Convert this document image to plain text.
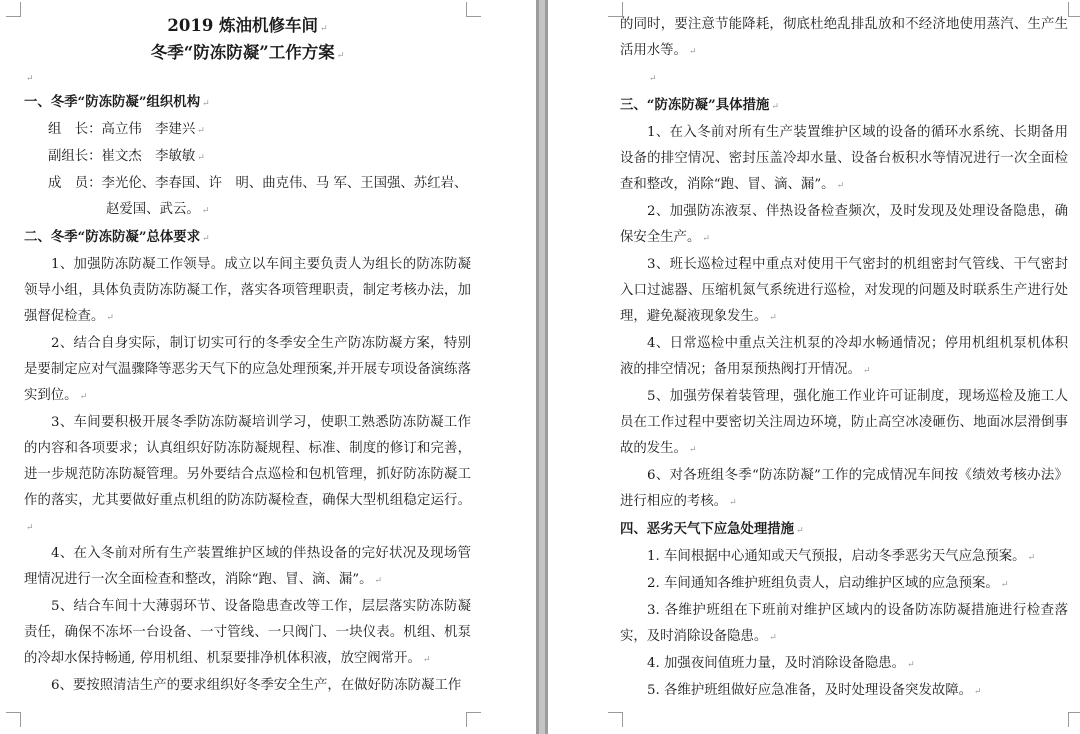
2019 炼油机修车间 ↵

冬季“防冻防凝”工作方案 ↵

↵

一、冬季“防冻防凝”组织机构 ↵

组　长：高立伟　李建兴 ↵

副组长：崔文杰　李敏敏 ↵

成　员：李光伦、李春国、许　明、曲克伟、马 军、王国强、苏红岩、

赵爱国、武云。 ↵

二、冬季“防冻防凝”总体要求 ↵

1、加强防冻防凝工作领导。成立以车间主要负责人为组长的防冻防凝领导小组，具体负责防冻防凝工作，落实各项管理职责，制定考核办法，加强督促检查。 ↵

2、结合自身实际，制订切实可行的冬季安全生产防冻防凝方案，特别是要制定应对气温骤降等恶劣天气下的应急处理预案,并开展专项设备演练落实到位。 ↵

3、车间要积极开展冬季防冻防凝培训学习，使职工熟悉防冻防凝工作的内容和各项要求；认真组织好防冻防凝规程、标准、制度的修订和完善，进一步规范防冻防凝管理。另外要结合点巡检和包机管理，抓好防冻防凝工作的落实，尤其要做好重点机组的防冻防凝检查，确保大型机组稳定运行。↵

4、在入冬前对所有生产装置维护区域的伴热设备的完好状况及现场管理情况进行一次全面检查和整改，消除“跑、冒、滴、漏”。 ↵

5、结合车间十大薄弱环节、设备隐患查改等工作，层层落实防冻防凝责任，确保不冻坏一台设备、一寸管线、一只阀门、一块仪表。机组、机泵的冷却水保持畅通, 停用机组、机泵要排净机体积液，放空阀常开。 ↵

6、要按照清洁生产的要求组织好冬季安全生产，在做好防冻防凝工作

的同时，要注意节能降耗，彻底杜绝乱排乱放和不经济地使用蒸汽、生产生活用水等。 ↵

↵

三、“防冻防凝”具体措施 ↵

1、在入冬前对所有生产装置维护区域的设备的循环水系统、长期备用设备的排空情况、密封压盖冷却水量、设备台板积水等情况进行一次全面检查和整改，消除“跑、冒、滴、漏”。 ↵

2、加强防冻液泵、伴热设备检查频次，及时发现及处理设备隐患，确保安全生产。 ↵

3、班长巡检过程中重点对使用干气密封的机组密封气管线、干气密封入口过滤器、压缩机氮气系统进行巡检，对发现的问题及时联系生产进行处理，避免凝液现象发生。 ↵

4、日常巡检中重点关注机泵的冷却水畅通情况；停用机组机泵机体积液的排空情况；备用泵预热阀打开情况。 ↵

5、加强劳保着装管理，强化施工作业许可证制度，现场巡检及施工人员在工作过程中要密切关注周边环境，防止高空冰凌砸伤、地面冰层滑倒事故的发生。 ↵

6、对各班组冬季“防冻防凝”工作的完成情况车间按《绩效考核办法》进行相应的考核。 ↵

四、恶劣天气下应急处理措施 ↵

1. 车间根据中心通知或天气预报，启动冬季恶劣天气应急预案。 ↵

2. 车间通知各维护班组负责人，启动维护区域的应急预案。 ↵

3. 各维护班组在下班前对维护区域内的设备防冻防凝措施进行检查落实，及时消除设备隐患。 ↵

4. 加强夜间值班力量，及时消除设备隐患。 ↵

5. 各维护班组做好应急准备，及时处理设备突发故障。 ↵
